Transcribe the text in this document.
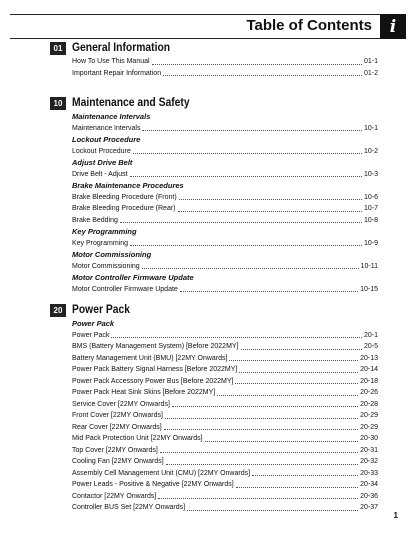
Table of Contents	i
01 General Information
How To Use This Manual	01-1
Important Repair Information	01-2
10 Maintenance and Safety
Maintenance Intervals
Maintenance Intervals	10-1
Lockout Procedure
Lockout Procedure	10-2
Adjust Drive Belt
Drive Belt - Adjust	10-3
Brake Maintenance Procedures
Brake Bleeding Procedure (Front)	10-6
Brake Bleeding Procedure (Rear)	10-7
Brake Bedding	10-8
Key Programming
Key Programming	10-9
Motor Commissioning
Motor Commissioning	10-11
Motor Controller Firmware Update
Motor Controller Firmware Update	10-15
20 Power Pack
Power Pack
Power Pack	20-1
BMS (Battery Management System) [Before 2022MY]	20-5
Battery Management Unit (BMU) [22MY Onwards]	20-13
Power Pack Battery Signal Harness [Before 2022MY]	20-14
Power Pack Accessory Power Bus [Before 2022MY]	20-18
Power Pack Heat Sink Skins [Before 2022MY]	20-26
Service Cover [22MY Onwards]	20-28
Front Cover [22MY Onwards]	20-29
Rear Cover [22MY Onwards]	20-29
Mid Pack Protection Unit [22MY Onwards]	20-30
Top Cover [22MY Onwards]	20-31
Cooling Fan [22MY Onwards]	20-32
Assembly Cell Management Unit (CMU) [22MY Onwards]	20-33
Power Leads - Positive & Negative [22MY Onwards]	20-34
Contactor [22MY Onwards]	20-36
Controller BUS Set [22MY Onwards]	20-37
1
